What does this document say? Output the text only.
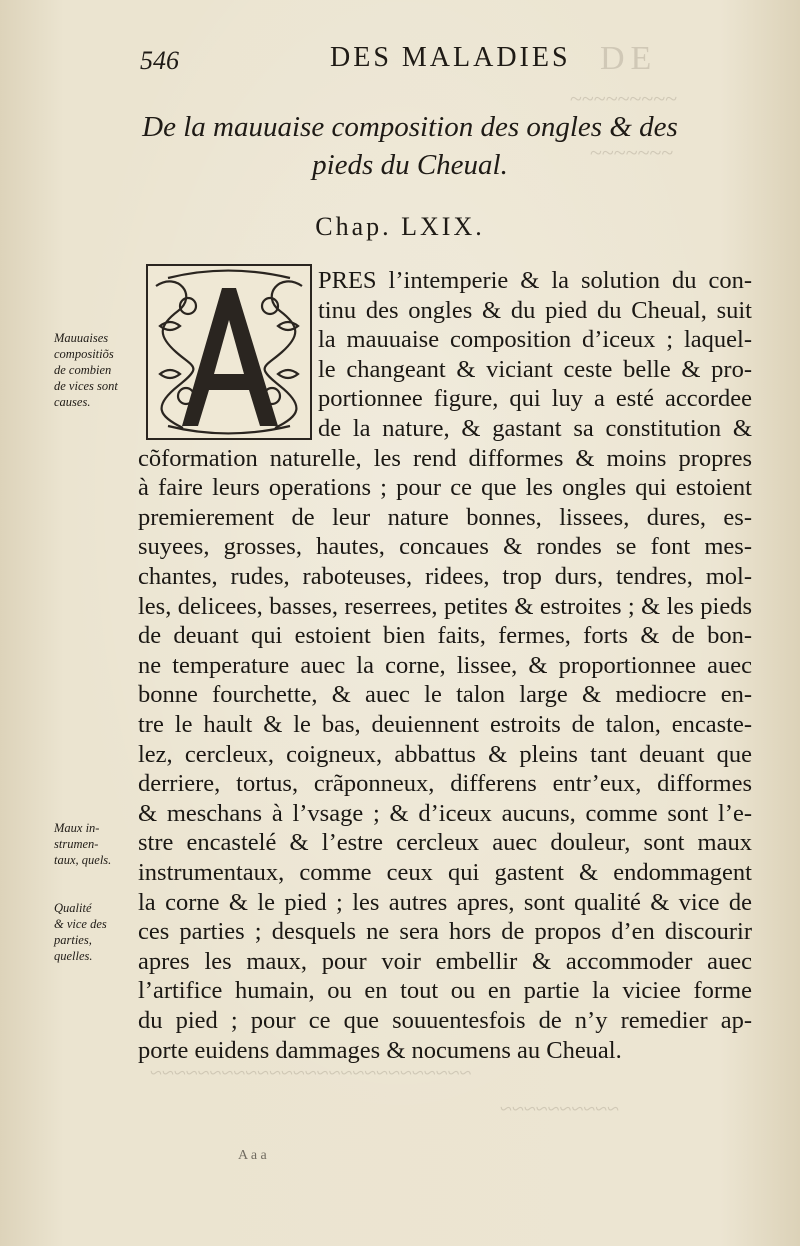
DE
~~~~~~~~~
~~~~~~~
~~~~~~~~~~~~~~~~~~~~~~~~~~~
~~~~~~~~~~
546	DES MALADIES
De la mauuaise composition des ongles & des
pieds du Cheual.
Chap. LXIX.
PRES l’intemperie & la solution du con-
tinu des ongles & du pied du Cheual, suit
la mauuaise composition d’iceux ; laquel-
le changeant & viciant ceste belle & pro-
portionnee figure, qui luy a esté accordee
de la nature, & gastant sa constitution &
cõformation naturelle, les rend difformes & moins propres
à faire leurs operations ; pour ce que les ongles qui estoient
premierement de leur nature bonnes, lissees, dures, es-
suyees, grosses, hautes, concaues & rondes se font mes-
chantes, rudes, raboteuses, ridees, trop durs, tendres, mol-
les, delicees, basses, reserrees, petites & estroites ; & les pieds
de deuant qui estoient bien faits, fermes, forts & de bon-
ne temperature auec la corne, lissee, & proportionnee auec
bonne fourchette, & auec le talon large & mediocre en-
tre le hault & le bas, deuiennent estroits de talon, encaste-
lez, cercleux, coigneux, abbattus & pleins tant deuant que
derriere, tortus, crãponneux, differens entr’eux, difformes
& meschans à l’vsage ; & d’iceux aucuns, comme sont l’e-
stre encastelé & l’estre cercleux auec douleur, sont maux
instrumentaux, comme ceux qui gastent & endommagent
la corne & le pied ; les autres apres, sont qualité & vice de
ces parties ; desquels ne sera hors de propos d’en discourir
apres les maux, pour voir embellir & accommoder auec
l’artifice humain, ou en tout ou en partie la viciee forme
du pied ; pour ce que souuentesfois de n’y remedier ap-
porte euidens dammages & nocumens au Cheual.
Mauuaises
compositiõs
de combien
de vices sont
causes.
Maux in-
strumen-
taux, quels.
Qualité
& vice des
parties,
quelles.
A a a
